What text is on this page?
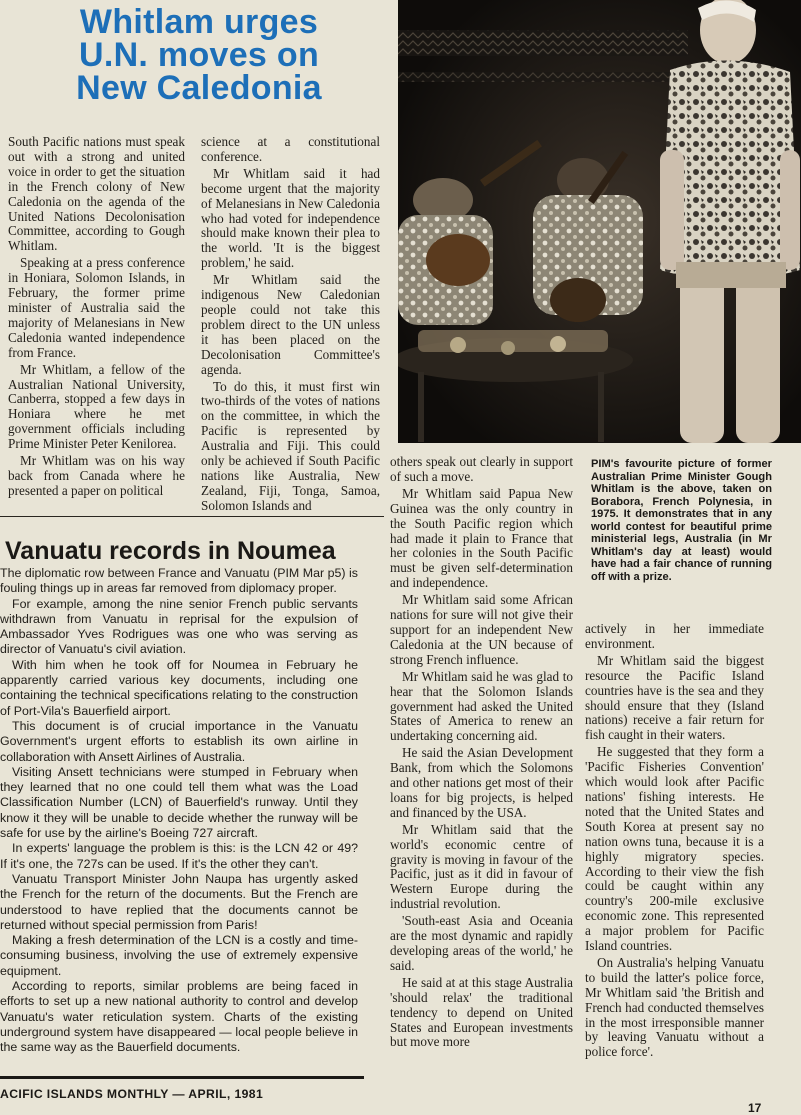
Whitlam urges
U.N. moves on
New Caledonia

South Pacific nations must speak out with a strong and united voice in order to get the situation in the French colony of New Caledonia on the agenda of the United Nations Decolonisation Committee, according to Gough Whitlam.

Speaking at a press conference in Honiara, Solomon Islands, in February, the former prime minister of Australia said the majority of Melanesians in New Caledonia wanted independence from France.

Mr Whitlam, a fellow of the Australian National University, Canberra, stopped a few days in Honiara where he met government officials including Prime Minister Peter Kenilorea.

Mr Whitlam was on his way back from Canada where he presented a paper on political

science at a constitutional conference.

Mr Whitlam said it had become urgent that the majority of Melanesians in New Caledonia who had voted for independence should make known their plea to the world. 'It is the biggest problem,' he said.

Mr Whitlam said the indigenous New Caledonian people could not take this problem direct to the UN unless it has been placed on the Decolonisation Committee's agenda.

To do this, it must first win two-thirds of the votes of nations on the committee, in which the Pacific is represented by Australia and Fiji. This could only be achieved if South Pacific nations like Australia, New Zealand, Fiji, Tonga, Samoa, Solomon Islands and

PIM's favourite picture of former Australian Prime Minister Gough Whitlam is the above, taken on Borabora, French Polynesia, in 1975. It demonstrates that in any world contest for beautiful prime ministerial legs, Australia (in Mr Whitlam's day at least) would have had a fair chance of running off with a prize.

others speak out clearly in support of such a move.

Mr Whitlam said Papua New Guinea was the only country in the South Pacific region which had made it plain to France that her colonies in the South Pacific must be given self-determination and independence.

Mr Whitlam said some African nations for sure will not give their support for an independent New Caledonia at the UN because of strong French influence.

Mr Whitlam said he was glad to hear that the Solomon Islands government had asked the United States of America to renew an undertaking concerning aid.

He said the Asian Development Bank, from which the Solomons and other nations get most of their loans for big projects, is helped and financed by the USA.

Mr Whitlam said that the world's economic centre of gravity is moving in favour of the Pacific, just as it did in favour of Western Europe during the industrial revolution.

'South-east Asia and Oceania are the most dynamic and rapidly developing areas of the world,' he said.

He said at at this stage Australia 'should relax' the traditional tendency to depend on United States and European investments but move more

actively in her immediate environment.

Mr Whitlam said the biggest resource the Pacific Island countries have is the sea and they should ensure that they (Island nations) receive a fair return for fish caught in their waters.

He suggested that they form a 'Pacific Fisheries Convention' which would look after Pacific nations' fishing interests. He noted that the United States and South Korea at present say no nation owns tuna, because it is a highly migratory species. According to their view the fish could be caught within any country's 200-mile exclusive economic zone. This represented a major problem for Pacific Island countries.

On Australia's helping Vanuatu to build the latter's police force, Mr Whitlam said 'the British and French had conducted themselves in the most irresponsible manner by leaving Vanuatu without a police force'.

Vanuatu records in Noumea

The diplomatic row between France and Vanuatu (PIM Mar p5) is fouling things up in areas far removed from diplomacy proper.

For example, among the nine senior French public servants withdrawn from Vanuatu in reprisal for the expulsion of Ambassador Yves Rodrigues was one who was serving as director of Vanuatu's civil aviation.

With him when he took off for Noumea in February he apparently carried various key documents, including one containing the technical specifications relating to the construction of Port-Vila's Bauerfield airport.

This document is of crucial importance in the Vanuatu Government's urgent efforts to establish its own airline in collaboration with Ansett Airlines of Australia.

Visiting Ansett technicians were stumped in February when they learned that no one could tell them what was the Load Classification Number (LCN) of Bauerfield's runway. Until they know it they will be unable to decide whether the runway will be safe for use by the airline's Boeing 727 aircraft.

In experts' language the problem is this: is the LCN 42 or 49? If it's one, the 727s can be used. If it's the other they can't.

Vanuatu Transport Minister John Naupa has urgently asked the French for the return of the documents. But the French are understood to have replied that the documents cannot be returned without special permission from Paris!

Making a fresh determination of the LCN is a costly and time-consuming business, involving the use of extremely expensive equipment.

According to reports, similar problems are being faced in efforts to set up a new national authority to control and develop Vanuatu's water reticulation system. Charts of the existing underground system have disappeared — local people believe in the same way as the Bauerfield documents.

ACIFIC ISLANDS MONTHLY — APRIL, 1981
17
